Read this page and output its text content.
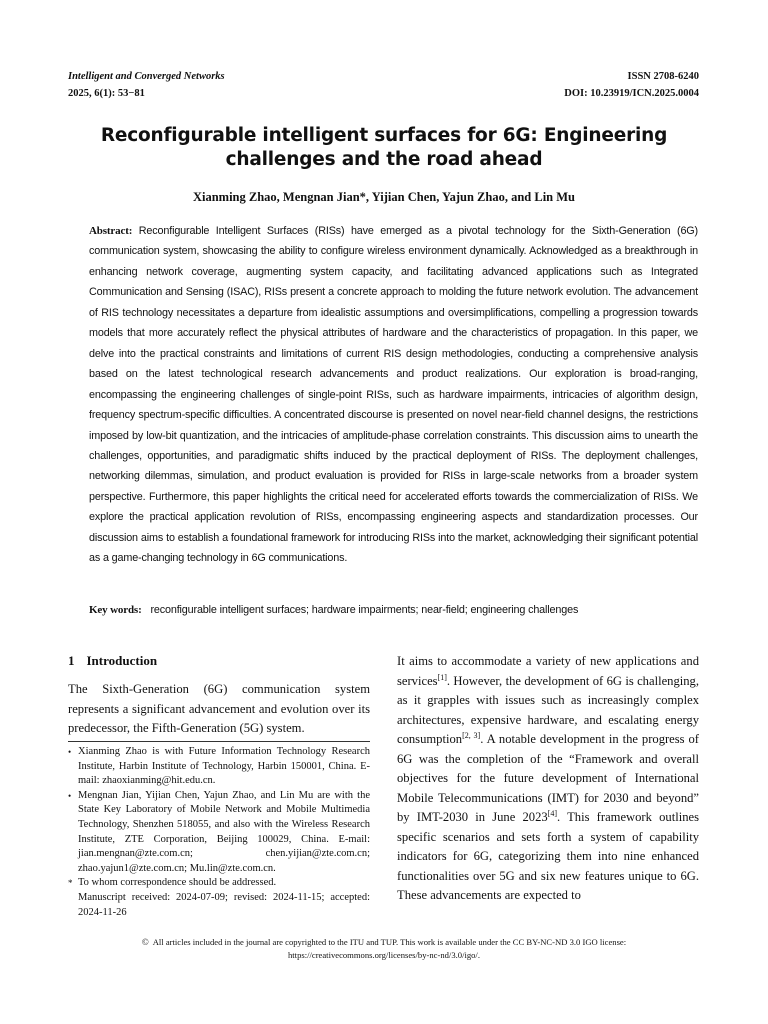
Intelligent and Converged Networks
2025, 6(1): 53−81
ISSN 2708-6240
DOI: 10.23919/ICN.2025.0004
Reconfigurable intelligent surfaces for 6G: Engineering challenges and the road ahead
Xianming Zhao, Mengnan Jian*, Yijian Chen, Yajun Zhao, and Lin Mu

Abstract: Reconfigurable Intelligent Surfaces (RISs) have emerged as a pivotal technology for the Sixth-Generation (6G) communication system, showcasing the ability to configure wireless environment dynamically. Acknowledged as a breakthrough in enhancing network coverage, augmenting system capacity, and facilitating advanced applications such as Integrated Communication and Sensing (ISAC), RISs present a concrete approach to molding the future network evolution. The advancement of RIS technology necessitates a departure from idealistic assumptions and oversimplifications, compelling a progression towards models that more accurately reflect the physical attributes of hardware and the characteristics of propagation. In this paper, we delve into the practical constraints and limitations of current RIS design methodologies, conducting a comprehensive analysis based on the latest technological research advancements and product realizations. Our exploration is broad-ranging, encompassing the engineering challenges of single-point RISs, such as hardware impairments, intricacies of algorithm design, frequency spectrum-specific difficulties. A concentrated discourse is presented on novel near-field channel designs, the restrictions imposed by low-bit quantization, and the intricacies of amplitude-phase correlation constraints. This discussion aims to unearth the challenges, opportunities, and paradigmatic shifts induced by the practical deployment of RISs. The deployment challenges, networking dilemmas, simulation, and product evaluation is provided for RISs in large-scale networks from a broader system perspective. Furthermore, this paper highlights the critical need for accelerated efforts towards the commercialization of RISs. We explore the practical application revolution of RISs, encompassing engineering aspects and standardization processes. Our discussion aims to establish a foundational framework for introducing RISs into the market, acknowledging their significant potential as a game-changing technology in 6G communications.

Key words: reconfigurable intelligent surfaces; hardware impairments; near-field; engineering challenges
1 Introduction

The Sixth-Generation (6G) communication system represents a significant advancement and evolution over its predecessor, the Fifth-Generation (5G) system.

• Xianming Zhao is with Future Information Technology Research Institute, Harbin Institute of Technology, Harbin 150001, China. E-mail: zhaoxianming@hit.edu.cn.
• Mengnan Jian, Yijian Chen, Yajun Zhao, and Lin Mu are with the State Key Laboratory of Mobile Network and Mobile Multimedia Technology, Shenzhen 518055, and also with the Wireless Research Institute, ZTE Corporation, Beijing 100029, China. E-mail: jian.mengnan@zte.com.cn; chen.yijian@zte.com.cn; zhao.yajun1@zte.com.cn; Mu.lin@zte.com.cn.
* To whom correspondence should be addressed.
Manuscript received: 2024-07-09; revised: 2024-11-15; accepted: 2024-11-26

It aims to accommodate a variety of new applications and services[1]. However, the development of 6G is challenging, as it grapples with issues such as increasingly complex architectures, expensive hardware, and escalating energy consumption[2, 3]. A notable development in the progress of 6G was the completion of the “Framework and overall objectives for the future development of International Mobile Telecommunications (IMT) for 2030 and beyond” by IMT-2030 in June 2023[4]. This framework outlines specific scenarios and sets forth a system of capability indicators for 6G, categorizing them into nine enhanced functionalities over 5G and six new features unique to 6G. These advancements are expected to

© All articles included in the journal are copyrighted to the ITU and TUP. This work is available under the CC BY-NC-ND 3.0 IGO license:
https://creativecommons.org/licenses/by-nc-nd/3.0/igo/.
